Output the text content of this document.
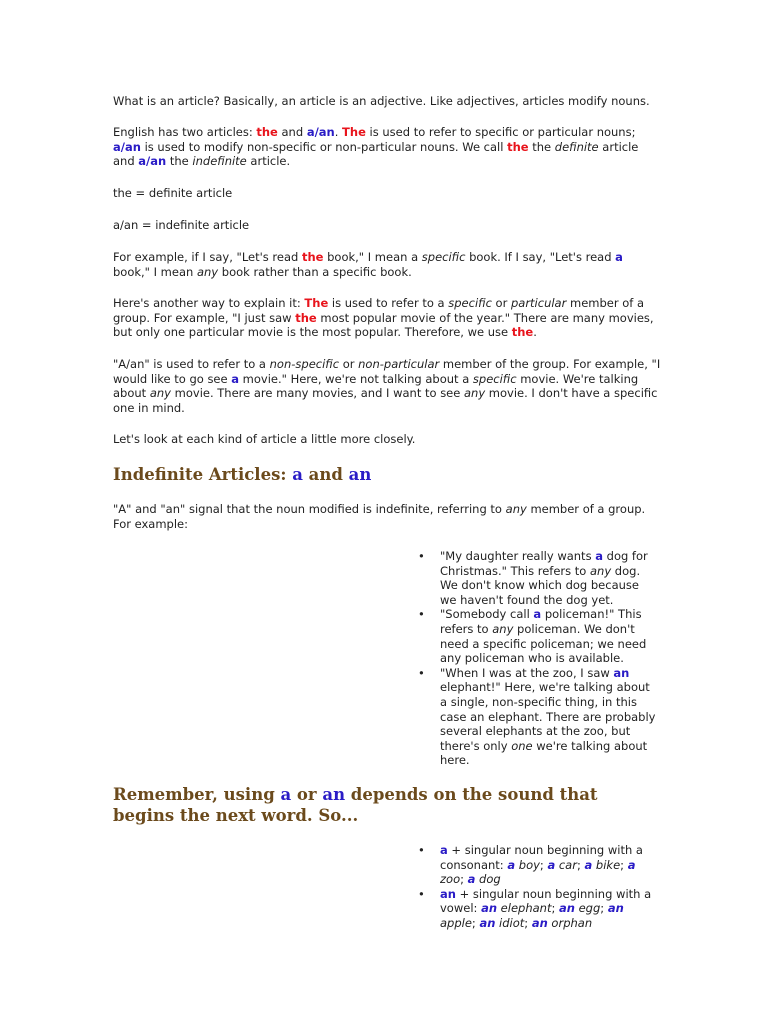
What is an article? Basically, an article is an adjective. Like adjectives, articles modify nouns.

English has two articles: the and a/an. The is used to refer to specific or particular nouns; a/an is used to modify non-specific or non-particular nouns. We call the the definite article and a/an the indefinite article.

the = definite article

a/an = indefinite article

For example, if I say, "Let's read the book," I mean a specific book. If I say, "Let's read a book," I mean any book rather than a specific book.

Here's another way to explain it: The is used to refer to a specific or particular member of a group. For example, "I just saw the most popular movie of the year." There are many movies, but only one particular movie is the most popular. Therefore, we use the.

"A/an" is used to refer to a non-specific or non-particular member of the group. For example, "I would like to go see a movie." Here, we're not talking about a specific movie. We're talking about any movie. There are many movies, and I want to see any movie. I don't have a specific one in mind.

Let's look at each kind of article a little more closely.

Indefinite Articles: a and an

"A" and "an" signal that the noun modified is indefinite, referring to any member of a group. For example:

• "My daughter really wants a dog for Christmas." This refers to any dog. We don't know which dog because we haven't found the dog yet.
• "Somebody call a policeman!" This refers to any policeman. We don't need a specific policeman; we need any policeman who is available.
• "When I was at the zoo, I saw an elephant!" Here, we're talking about a single, non-specific thing, in this case an elephant. There are probably several elephants at the zoo, but there's only one we're talking about here.
Remember, using a or an depends on the sound that begins the next word. So...
• a + singular noun beginning with a consonant: a boy; a car; a bike; a zoo; a dog
• an + singular noun beginning with a vowel: an elephant; an egg; an apple; an idiot; an orphan
